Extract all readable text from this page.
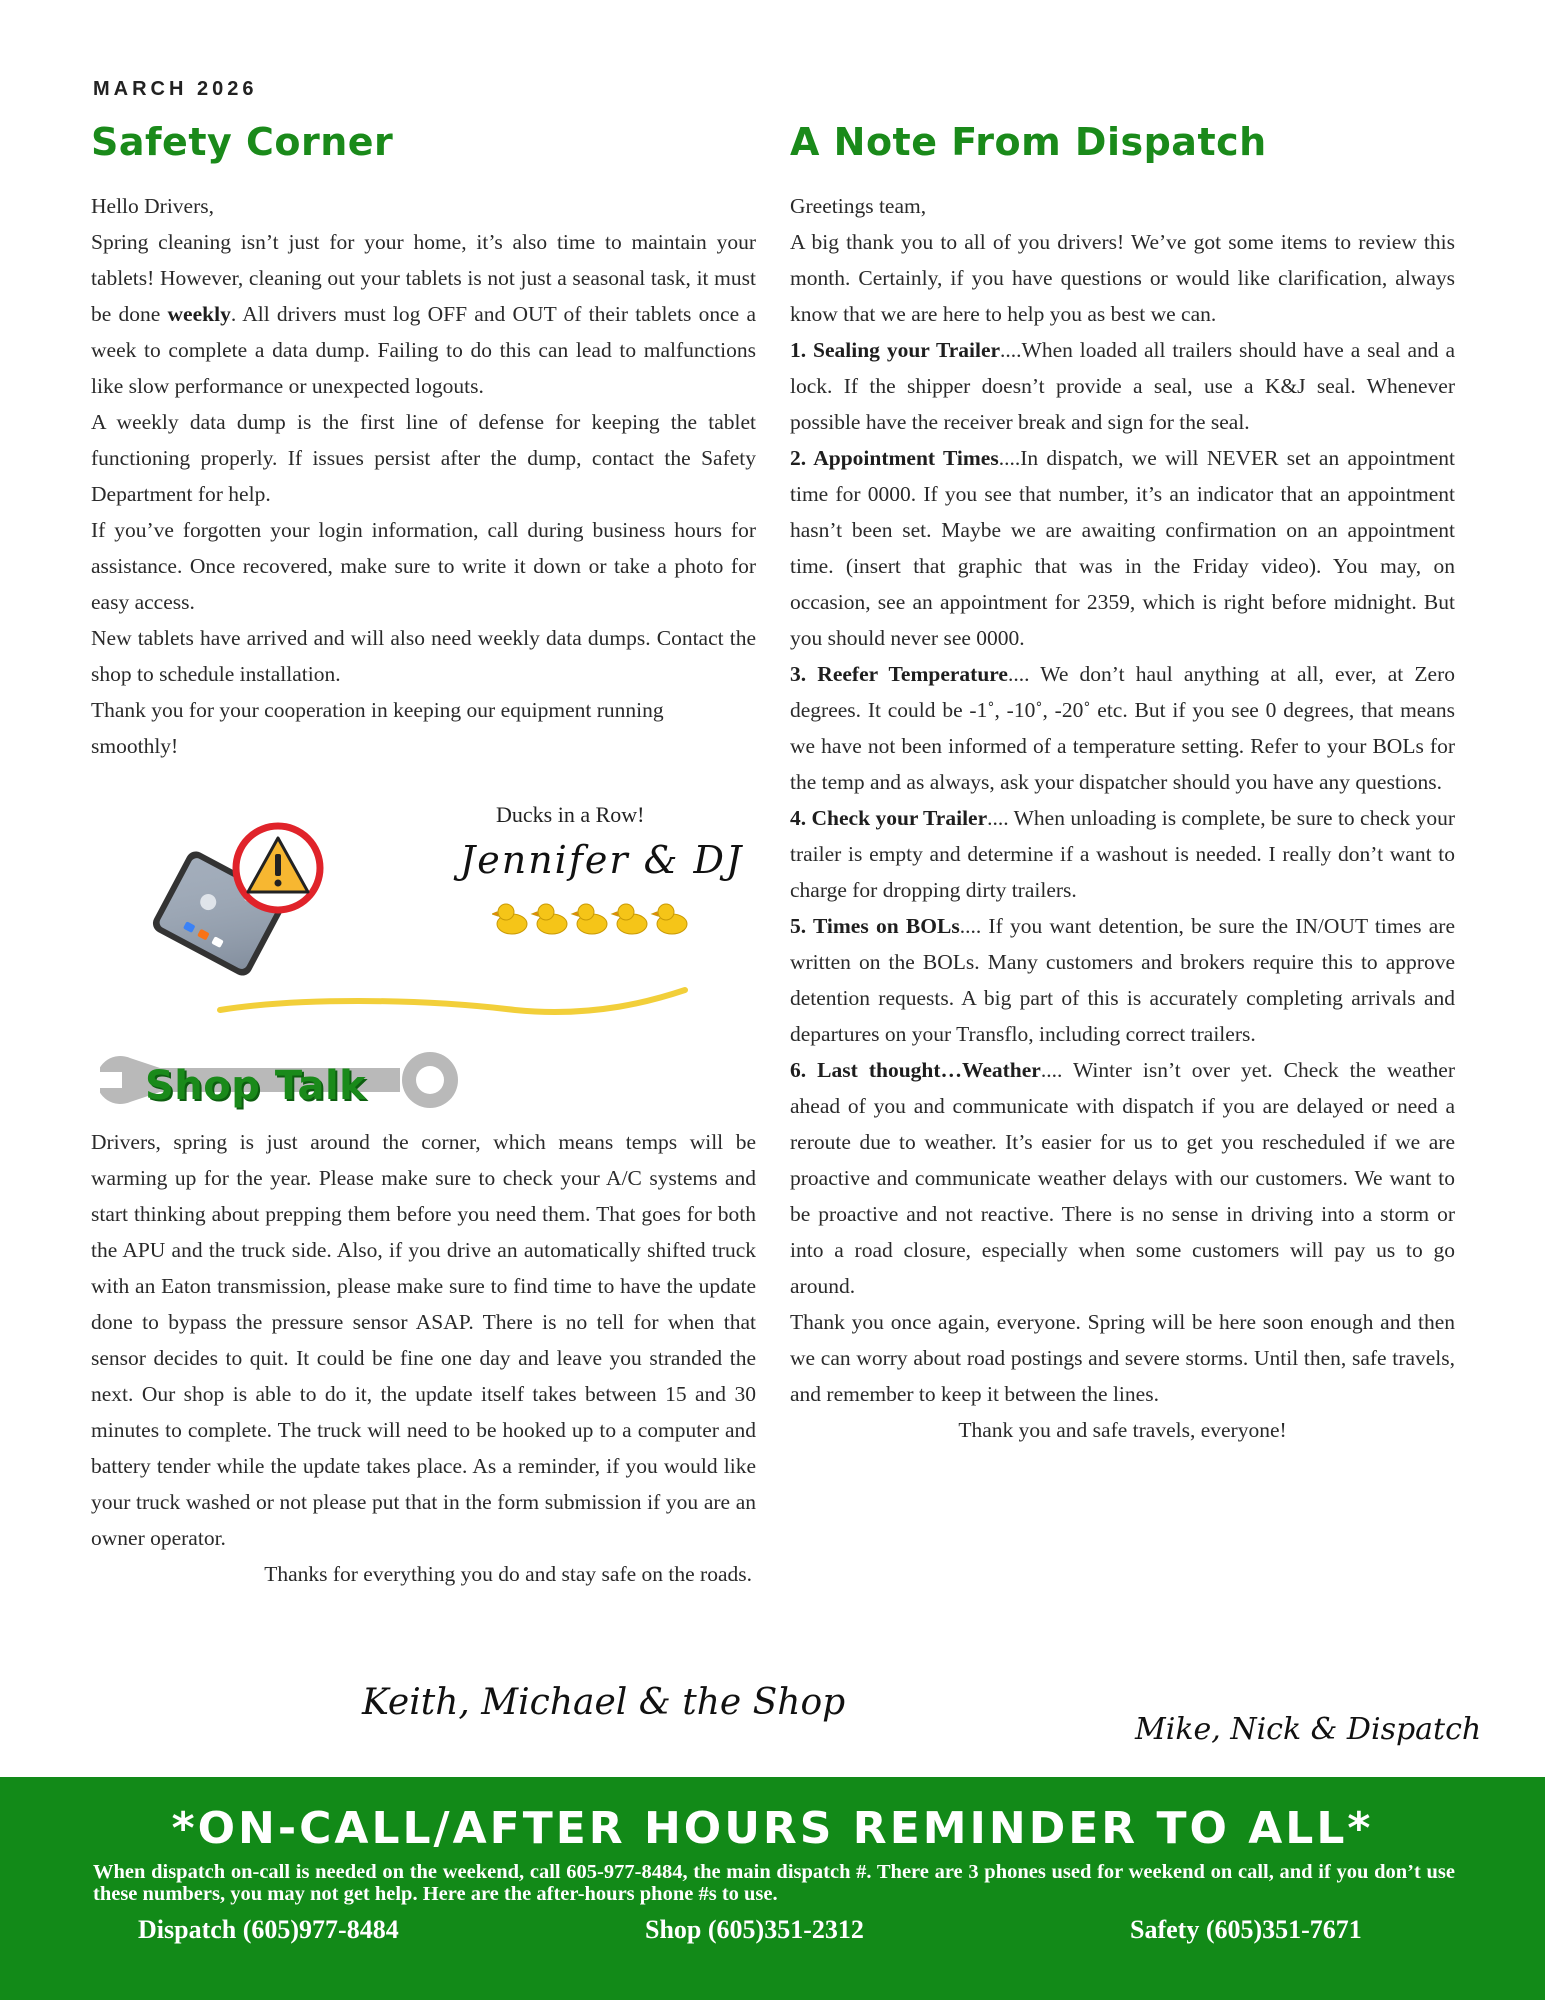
MARCH 2026
Safety Corner

Hello Drivers,

Spring cleaning isn’t just for your home, it’s also time to maintain your tablets! However, cleaning out your tablets is not just a seasonal task, it must be done weekly. All drivers must log OFF and OUT of their tablets once a week to complete a data dump. Failing to do this can lead to malfunctions like slow performance or unexpected logouts.

A weekly data dump is the first line of defense for keeping the tablet functioning properly. If issues persist after the dump, contact the Safety Department for help.

If you’ve forgotten your login information, call during business hours for assistance. Once recovered, make sure to write it down or take a photo for easy access.

New tablets have arrived and will also need weekly data dumps. Contact the shop to schedule installation.

Thank you for your cooperation in keeping our equipment running smoothly!

Ducks in a Row!
Jennifer & DJ
Shop Talk

Drivers, spring is just around the corner, which means temps will be warming up for the year. Please make sure to check your A/C systems and start thinking about prepping them before you need them. That goes for both the APU and the truck side. Also, if you drive an automatically shifted truck with an Eaton transmission, please make sure to find time to have the update done to bypass the pressure sensor ASAP. There is no tell for when that sensor decides to quit. It could be fine one day and leave you stranded the next. Our shop is able to do it, the update itself takes between 15 and 30 minutes to complete. The truck will need to be hooked up to a computer and battery tender while the update takes place. As a reminder, if you would like your truck washed or not please put that in the form submission if you are an owner operator.

Thanks for everything you do and stay safe on the roads.

Keith, Michael & the Shop
A Note From Dispatch

Greetings team,

A big thank you to all of you drivers! We’ve got some items to review this month. Certainly, if you have questions or would like clarification, always know that we are here to help you as best we can.

1. Sealing your Trailer....When loaded all trailers should have a seal and a lock. If the shipper doesn’t provide a seal, use a K&J seal. Whenever possible have the receiver break and sign for the seal.

2. Appointment Times....In dispatch, we will NEVER set an appointment time for 0000. If you see that number, it’s an indicator that an appointment hasn’t been set. Maybe we are awaiting confirmation on an appointment time. (insert that graphic that was in the Friday video). You may, on occasion, see an appointment for 2359, which is right before midnight. But you should never see 0000.

3. Reefer Temperature.... We don’t haul anything at all, ever, at Zero degrees. It could be -1˚, -10˚, -20˚ etc. But if you see 0 degrees, that means we have not been informed of a temperature setting. Refer to your BOLs for the temp and as always, ask your dispatcher should you have any questions.

4. Check your Trailer.... When unloading is complete, be sure to check your trailer is empty and determine if a washout is needed. I really don’t want to charge for dropping dirty trailers.

5. Times on BOLs.... If you want detention, be sure the IN/OUT times are written on the BOLs. Many customers and brokers require this to approve detention requests. A big part of this is accurately completing arrivals and departures on your Transflo, including correct trailers.

6. Last thought…Weather.... Winter isn’t over yet. Check the weather ahead of you and communicate with dispatch if you are delayed or need a reroute due to weather. It’s easier for us to get you rescheduled if we are proactive and communicate weather delays with our customers. We want to be proactive and not reactive. There is no sense in driving into a storm or into a road closure, especially when some customers will pay us to go around.

Thank you once again, everyone. Spring will be here soon enough and then we can worry about road postings and severe storms. Until then, safe travels, and remember to keep it between the lines.

Thank you and safe travels, everyone!

Mike, Nick & Dispatch
*ON-CALL/AFTER HOURS REMINDER TO ALL*
When dispatch on-call is needed on the weekend, call 605-977-8484, the main dispatch #. There are 3 phones used for weekend on call, and if you don’t use these numbers, you may not get help. Here are the after-hours phone #s to use.
Dispatch (605)977-8484	Shop (605)351-2312	Safety (605)351-7671
